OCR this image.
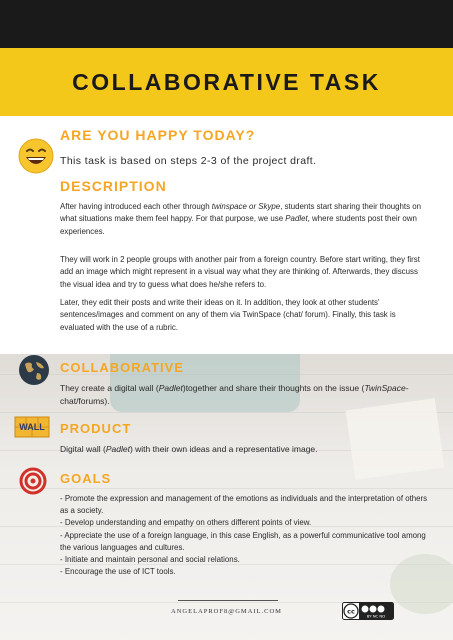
COLLABORATIVE TASK
ARE YOU HAPPY TODAY?
This task is based on steps 2-3 of the project draft.
DESCRIPTION

After having introduced each other through twinspace or Skype, students start sharing their thoughts on what situations make them feel happy. For that purpose, we use Padlet, where students post their own experiences.

They will work in 2 people groups with another pair from a foreign country. Before start writing, they first add an image which might represent in a visual way what they are thinking of. Afterwards, they discuss the visual idea and try to guess what does he/she refers to.

Later, they edit their posts and write their ideas on it. In addition, they look at other students' sentences/images and comment on any of them via TwinSpace (chat/ forum). Finally, this task is evaluated with the use of a rubric.

WALL
COLLABORATIVE

They create a digital wall (Padlet)together and share their thoughts on the issue (TwinSpace- chat/forums).

PRODUCT

Digital wall (Padlet) with their own ideas and a representative image.

GOALS
- Promote the expression and management of the emotions as individuals and the interpretation of others as a society.
- Develop understanding and empathy on others different points of view.
- Appreciate the use of a foreign language, in this case English, as a powerful communicative tool among the various languages and cultures.
- Initiate and maintain personal and social relations.
- Encourage the use of ICT tools.
ANGELAPROF8@GMAIL.COM	cc
BY NC ND
